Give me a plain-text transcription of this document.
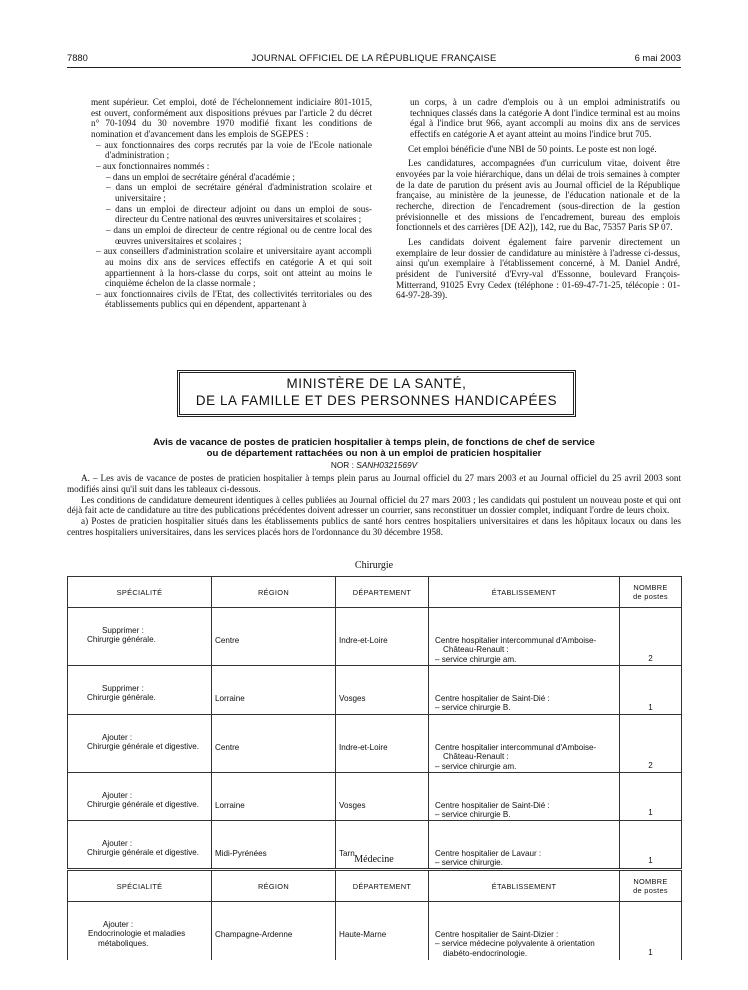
7880	JOURNAL OFFICIEL DE LA RÉPUBLIQUE FRANÇAISE	6 mai 2003

ment supérieur. Cet emploi, doté de l'échelonnement indiciaire 801-1015, est ouvert, conformément aux dispositions prévues par l'article 2 du décret n° 70-1094 du 30 novembre 1970 modifié fixant les conditions de nomination et d'avancement dans les emplois de SGEPES :

– aux fonctionnaires des corps recrutés par la voie de l'Ecole nationale d'administration ;

– aux fonctionnaires nommés :

– dans un emploi de secrétaire général d'académie ;

– dans un emploi de secrétaire général d'administration scolaire et universitaire ;

– dans un emploi de directeur adjoint ou dans un emploi de sous-directeur du Centre national des œuvres universitaires et scolaires ;

– dans un emploi de directeur de centre régional ou de centre local des œuvres universitaires et scolaires ;

– aux conseillers d'administration scolaire et universitaire ayant accompli au moins dix ans de services effectifs en catégorie A et qui soit appartiennent à la hors-classe du corps, soit ont atteint au moins le cinquième échelon de la classe normale ;

– aux fonctionnaires civils de l'Etat, des collectivités territoriales ou des établissements publics qui en dépendent, appartenant à

un corps, à un cadre d'emplois ou à un emploi administratifs ou techniques classés dans la catégorie A dont l'indice terminal est au moins égal à l'indice brut 966, ayant accompli au moins dix ans de services effectifs en catégorie A et ayant atteint au moins l'indice brut 705.

Cet emploi bénéficie d'une NBI de 50 points. Le poste est non logé.

Les candidatures, accompagnées d'un curriculum vitae, doivent être envoyées par la voie hiérarchique, dans un délai de trois semaines à compter de la date de parution du présent avis au Journal officiel de la République française, au ministère de la jeunesse, de l'éducation nationale et de la recherche, direction de l'encadrement (sous-direction de la gestion prévisionnelle et des missions de l'encadrement, bureau des emplois fonctionnels et des carrières [DE A2]), 142, rue du Bac, 75357 Paris SP 07.

Les candidats doivent également faire parvenir directement un exemplaire de leur dossier de candidature au ministère à l'adresse ci-dessus, ainsi qu'un exemplaire à l'établissement concerné, à M. Daniel André, président de l'université d'Evry-val d'Essonne, boulevard François-Mitterrand, 91025 Evry Cedex (téléphone : 01-69-47-71-25, télécopie : 01-64-97-28-39).

MINISTÈRE DE LA SANTÉ,
DE LA FAMILLE ET DES PERSONNES HANDICAPÉES
Avis de vacance de postes de praticien hospitalier à temps plein, de fonctions de chef de service
ou de département rattachées ou non à un emploi de praticien hospitalier
NOR : SANH0321569V

A. – Les avis de vacance de postes de praticien hospitalier à temps plein parus au Journal officiel du 27 mars 2003 et au Journal officiel du 25 avril 2003 sont modifiés ainsi qu'il suit dans les tableaux ci-dessous.

Les conditions de candidature demeurent identiques à celles publiées au Journal officiel du 27 mars 2003 ; les candidats qui postulent un nouveau poste et qui ont déjà fait acte de candidature au titre des publications précédentes doivent adresser un courrier, sans reconstituer un dossier complet, indiquant l'ordre de leurs choix.

a) Postes de praticien hospitalier situés dans les établissements publics de santé hors centres hospitaliers universitaires et dans les hôpitaux locaux ou dans les centres hospitaliers universitaires, dans les services placés hors de l'ordonnance du 30 décembre 1958.

Chirurgie
SPÉCIALITÉ	RÉGION	DÉPARTEMENT	ÉTABLISSEMENT	NOMBRE
de postes

Supprimer :
Chirurgie générale.	Centre	Indre-et-Loire	Centre hospitalier intercommunal d'Amboise-
Château-Renault :
– service chirurgie am.	2

Supprimer :
Chirurgie générale.	Lorraine	Vosges	Centre hospitalier de Saint-Dié :
– service chirurgie B.	1

Ajouter :
Chirurgie générale et digestive.	Centre	Indre-et-Loire	Centre hospitalier intercommunal d'Amboise-
Château-Renault :
– service chirurgie am.	2

Ajouter :
Chirurgie générale et digestive.	Lorraine	Vosges	Centre hospitalier de Saint-Dié :
– service chirurgie B.	1

Ajouter :
Chirurgie générale et digestive.	Midi-Pyrénées	Tarn	Centre hospitalier de Lavaur :
– service chirurgie.	1
Médecine
SPÉCIALITÉ	RÉGION	DÉPARTEMENT	ÉTABLISSEMENT	NOMBRE
de postes

Ajouter :
Endocrinologie et maladies
métaboliques.	Champagne-Ardenne	Haute-Marne	Centre hospitalier de Saint-Dizier :
– service médecine polyvalente à orientation
diabéto-endocrinologie.	1
